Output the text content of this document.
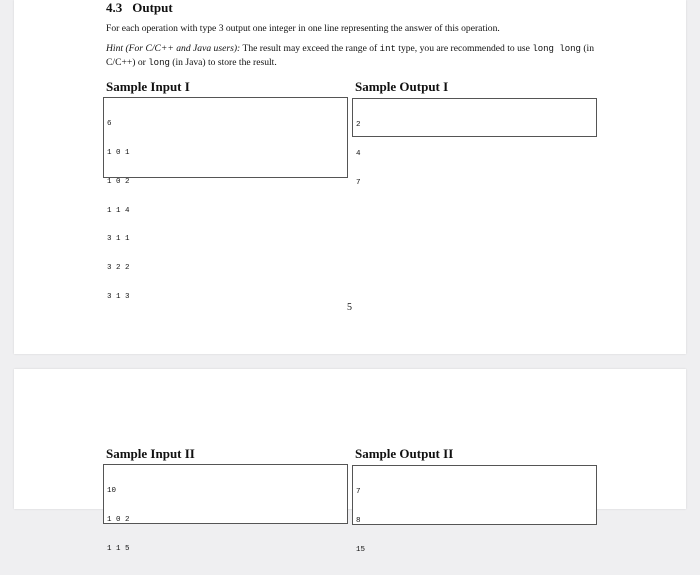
4.3 Output
For each operation with type 3 output one integer in one line representing the answer of this operation.
Hint (For C/C++ and Java users): The result may exceed the range of int type, you are recommended to use long long (in C/C++) or long (in Java) to store the result.
Sample Input I	Sample Output I

6

1 0 1

1 0 2

1 1 4

3 1 1

3 2 2

3 1 3

2

4

7

5
Sample Input II	Sample Output II

10

1 0 2

1 1 5

7

8

15
